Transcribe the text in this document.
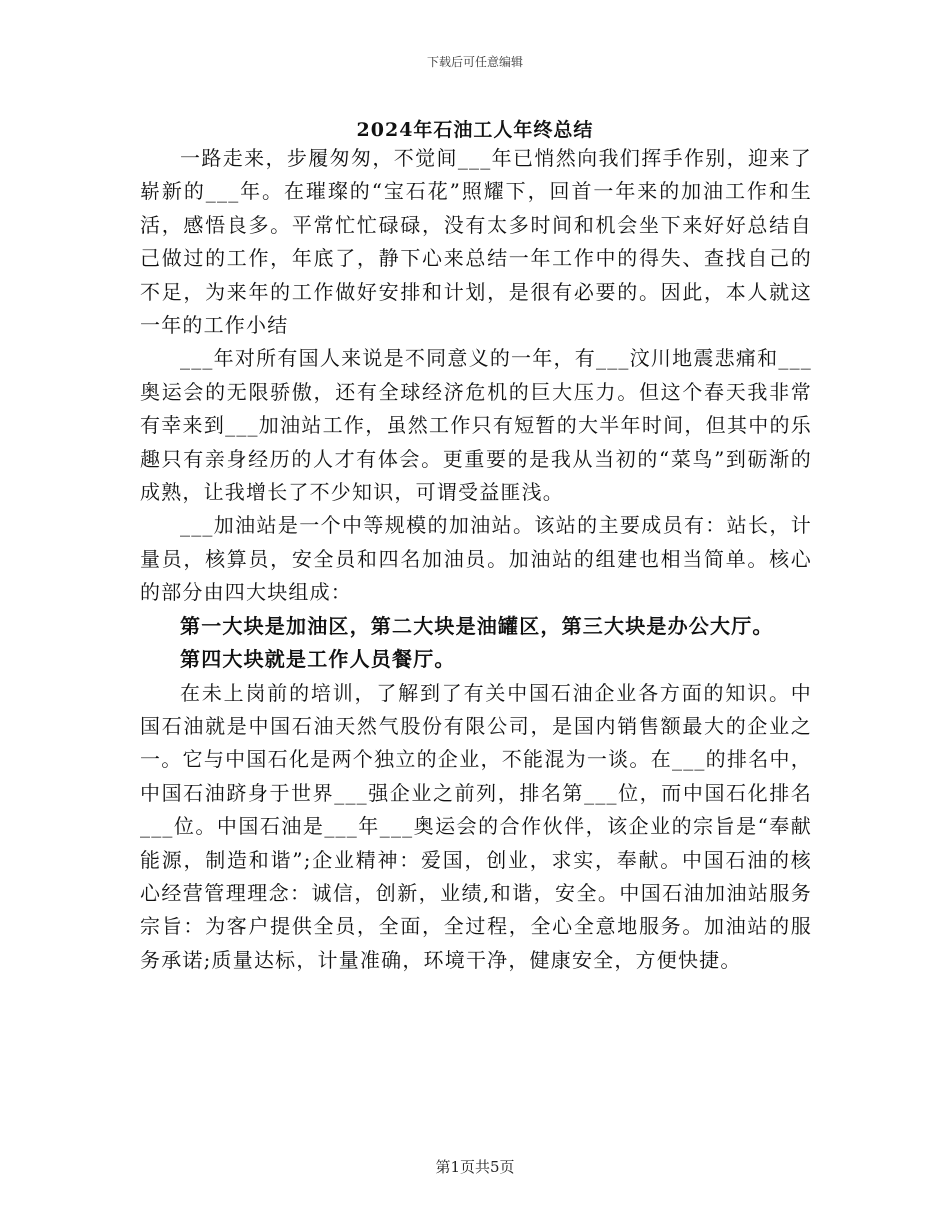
下载后可任意编辑
2024年石油工人年终总结

一路走来，步履匆匆，不觉间___年已悄然向我们挥手作别，迎来了崭新的___年。在璀璨的“宝石花”照耀下，回首一年来的加油工作和生活，感悟良多。平常忙忙碌碌，没有太多时间和机会坐下来好好总结自己做过的工作，年底了，静下心来总结一年工作中的得失、查找自己的不足，为来年的工作做好安排和计划，是很有必要的。因此，本人就这一年的工作小结

___年对所有国人来说是不同意义的一年，有___汶川地震悲痛和___奥运会的无限骄傲，还有全球经济危机的巨大压力。但这个春天我非常有幸来到___加油站工作，虽然工作只有短暂的大半年时间，但其中的乐趣只有亲身经历的人才有体会。更重要的是我从当初的“菜鸟”到砺渐的成熟，让我增长了不少知识，可谓受益匪浅。

___加油站是一个中等规模的加油站。该站的主要成员有：站长，计量员，核算员，安全员和四名加油员。加油站的组建也相当简单。核心的部分由四大块组成：

第一大块是加油区，第二大块是油罐区，第三大块是办公大厅。

第四大块就是工作人员餐厅。

在未上岗前的培训，了解到了有关中国石油企业各方面的知识。中国石油就是中国石油天然气股份有限公司，是国内销售额最大的企业之一。它与中国石化是两个独立的企业，不能混为一谈。在___的排名中，中国石油跻身于世界___强企业之前列，排名第___位，而中国石化排名___位。中国石油是___年___奥运会的合作伙伴，该企业的宗旨是“奉献能源，制造和谐”;企业精神：爱国，创业，求实，奉献。中国石油的核心经营管理理念：诚信，创新，业绩,和谐，安全。中国石油加油站服务宗旨：为客户提供全员，全面，全过程，全心全意地服务。加油站的服务承诺;质量达标，计量准确，环境干净，健康安全，方便快捷。

第1页共5页
